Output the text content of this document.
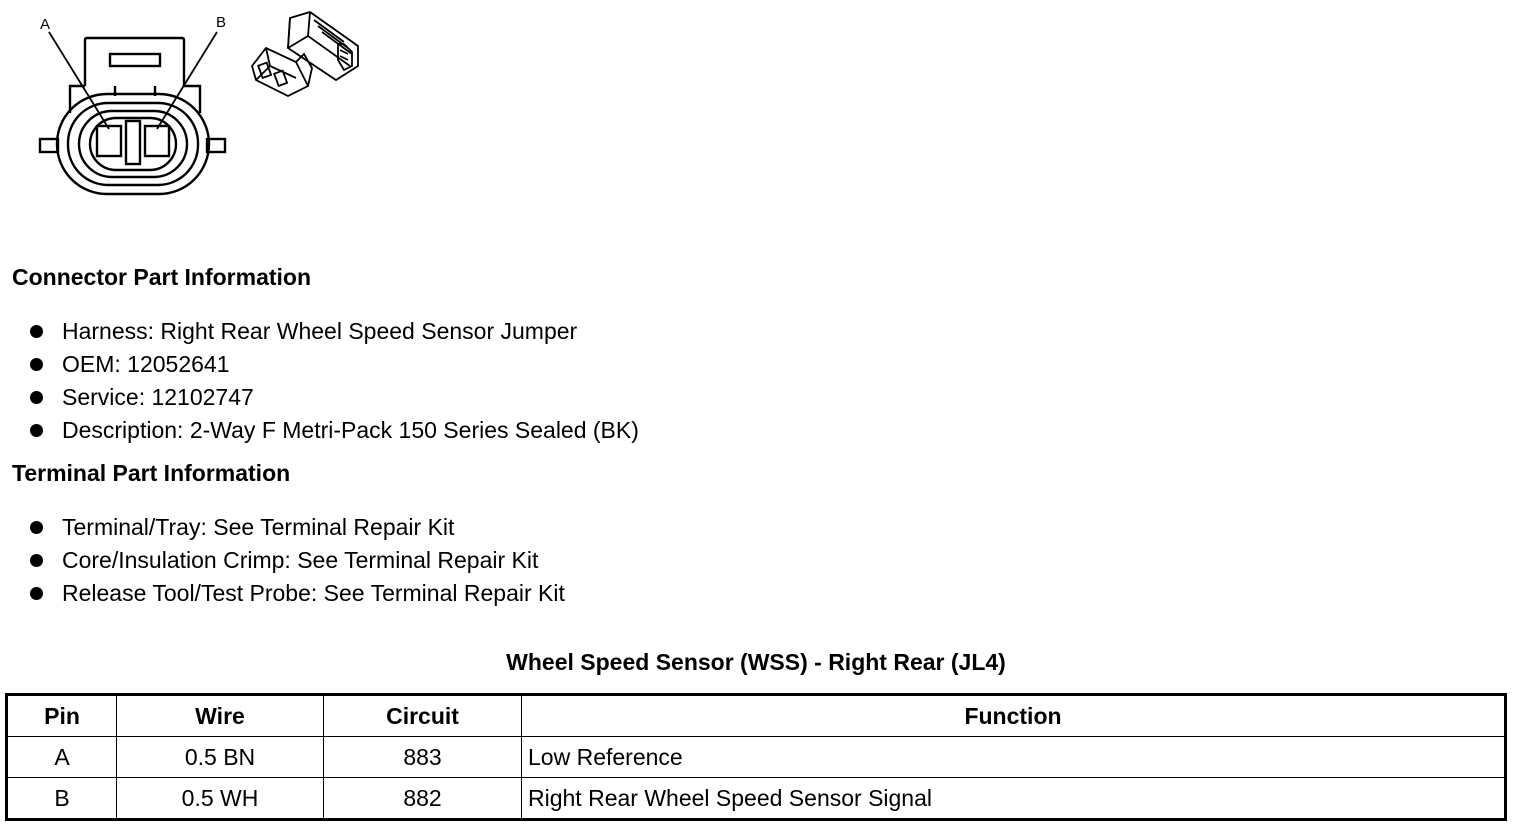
A	B
Connector Part Information
Harness: Right Rear Wheel Speed Sensor Jumper
OEM: 12052641
Service: 12102747
Description: 2-Way F Metri-Pack 150 Series Sealed (BK)
Terminal Part Information
Terminal/Tray: See Terminal Repair Kit
Core/Insulation Crimp: See Terminal Repair Kit
Release Tool/Test Probe: See Terminal Repair Kit
Wheel Speed Sensor (WSS) - Right Rear (JL4)
Pin	Wire	Circuit	Function
A	0.5 BN	883	Low Reference
B	0.5 WH	882	Right Rear Wheel Speed Sensor Signal
